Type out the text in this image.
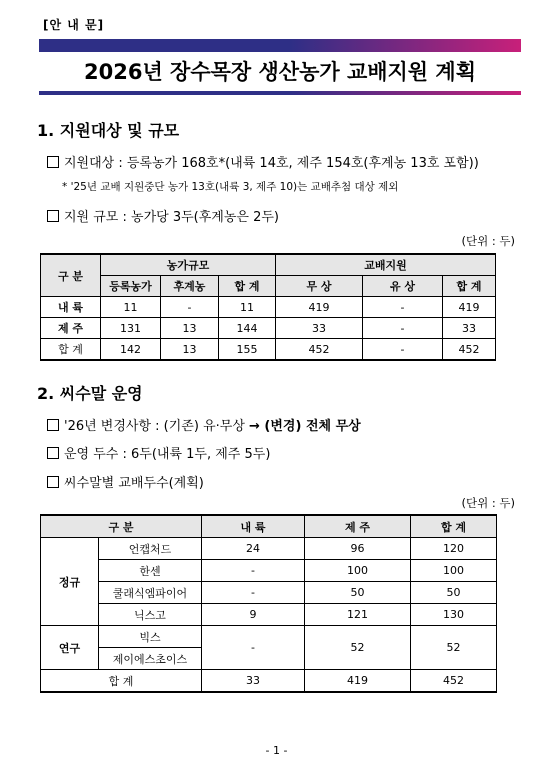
[안 내 문]
2026년 장수목장 생산농가 교배지원 계획
1. 지원대상 및 규모
지원대상 : 등록농가 168호*(내륙 14호, 제주 154호(후계농 13호 포함))
* '25년 교배 지원중단 농가 13호(내륙 3, 제주 10)는 교배추첨 대상 제외
지원 규모 : 농가당 3두(후계농은 2두)
(단위 : 두)
구 분	농가규모			교배지원		
	등록농가	후계농	합 계	무 상	유 상	합 계
내 륙	11	-	11	419	-	419
제 주	131	13	144	33	-	33
합 계	142	13	155	452	-	452
2. 씨수말 운영
'26년 변경사항 : (기존) 유·무상 → (변경) 전체 무상
운영 두수 : 6두(내륙 1두, 제주 5두)
씨수말별 교배두수(계획)
(단위 : 두)
구 분		내 륙	제 주	합 계
정규	언캡처드	24	96	120
	한센	-	100	100
	쿨래식엠파이어	-	50	50
	닉스고	9	121	130
연구	빅스	-	52	52
	제이에스초이스			
합 계		33	419	452
- 1 -
